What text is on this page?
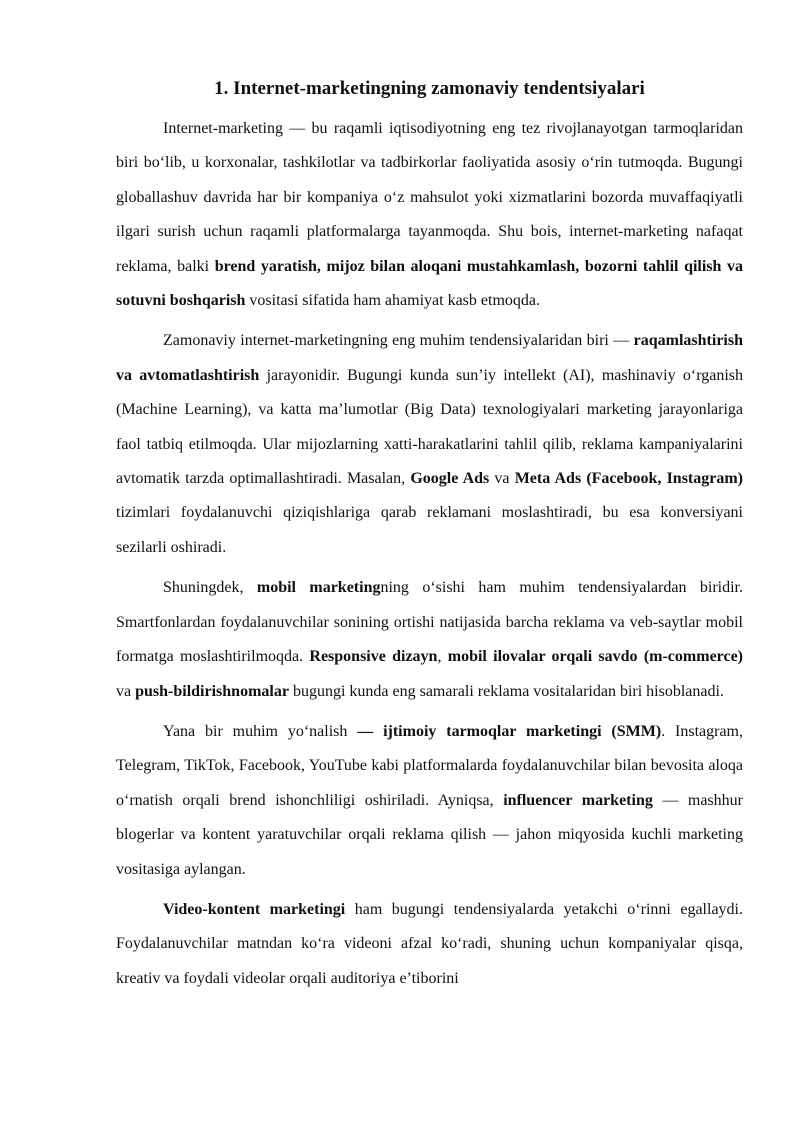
1. Internet-marketingning zamonaviy tendentsiyalari

Internet-marketing — bu raqamli iqtisodiyotning eng tez rivojlanayotgan tarmoqlaridan biri bo‘lib, u korxonalar, tashkilotlar va tadbirkorlar faoliyatida asosiy o‘rin tutmoqda. Bugungi globallashuv davrida har bir kompaniya o‘z mahsulot yoki xizmatlarini bozorda muvaffaqiyatli ilgari surish uchun raqamli platformalarga tayanmoqda. Shu bois, internet-marketing nafaqat reklama, balki brend yaratish, mijoz bilan aloqani mustahkamlash, bozorni tahlil qilish va sotuvni boshqarish vositasi sifatida ham ahamiyat kasb etmoqda.

Zamonaviy internet-marketingning eng muhim tendensiyalaridan biri — raqamlashtirish va avtomatlashtirish jarayonidir. Bugungi kunda sun’iy intellekt (AI), mashinaviy o‘rganish (Machine Learning), va katta ma’lumotlar (Big Data) texnologiyalari marketing jarayonlariga faol tatbiq etilmoqda. Ular mijozlarning xatti-harakatlarini tahlil qilib, reklama kampaniyalarini avtomatik tarzda optimallashtiradi. Masalan, Google Ads va Meta Ads (Facebook, Instagram) tizimlari foydalanuvchi qiziqishlariga qarab reklamani moslashtiradi, bu esa konversiyani sezilarli oshiradi.

Shuningdek, mobil marketingning o‘sishi ham muhim tendensiyalardan biridir. Smartfonlardan foydalanuvchilar sonining ortishi natijasida barcha reklama va veb-saytlar mobil formatga moslashtirilmoqda. Responsive dizayn, mobil ilovalar orqali savdo (m-commerce) va push-bildirishnomalar bugungi kunda eng samarali reklama vositalaridan biri hisoblanadi.

Yana bir muhim yo‘nalish — ijtimoiy tarmoqlar marketingi (SMM). Instagram, Telegram, TikTok, Facebook, YouTube kabi platformalarda foydalanuvchilar bilan bevosita aloqa o‘rnatish orqali brend ishonchliligi oshiriladi. Ayniqsa, influencer marketing — mashhur blogerlar va kontent yaratuvchilar orqali reklama qilish — jahon miqyosida kuchli marketing vositasiga aylangan.

Video-kontent marketingi ham bugungi tendensiyalarda yetakchi o‘rinni egallaydi. Foydalanuvchilar matndan ko‘ra videoni afzal ko‘radi, shuning uchun kompaniyalar qisqa, kreativ va foydali videolar orqali auditoriya e’tiborini
